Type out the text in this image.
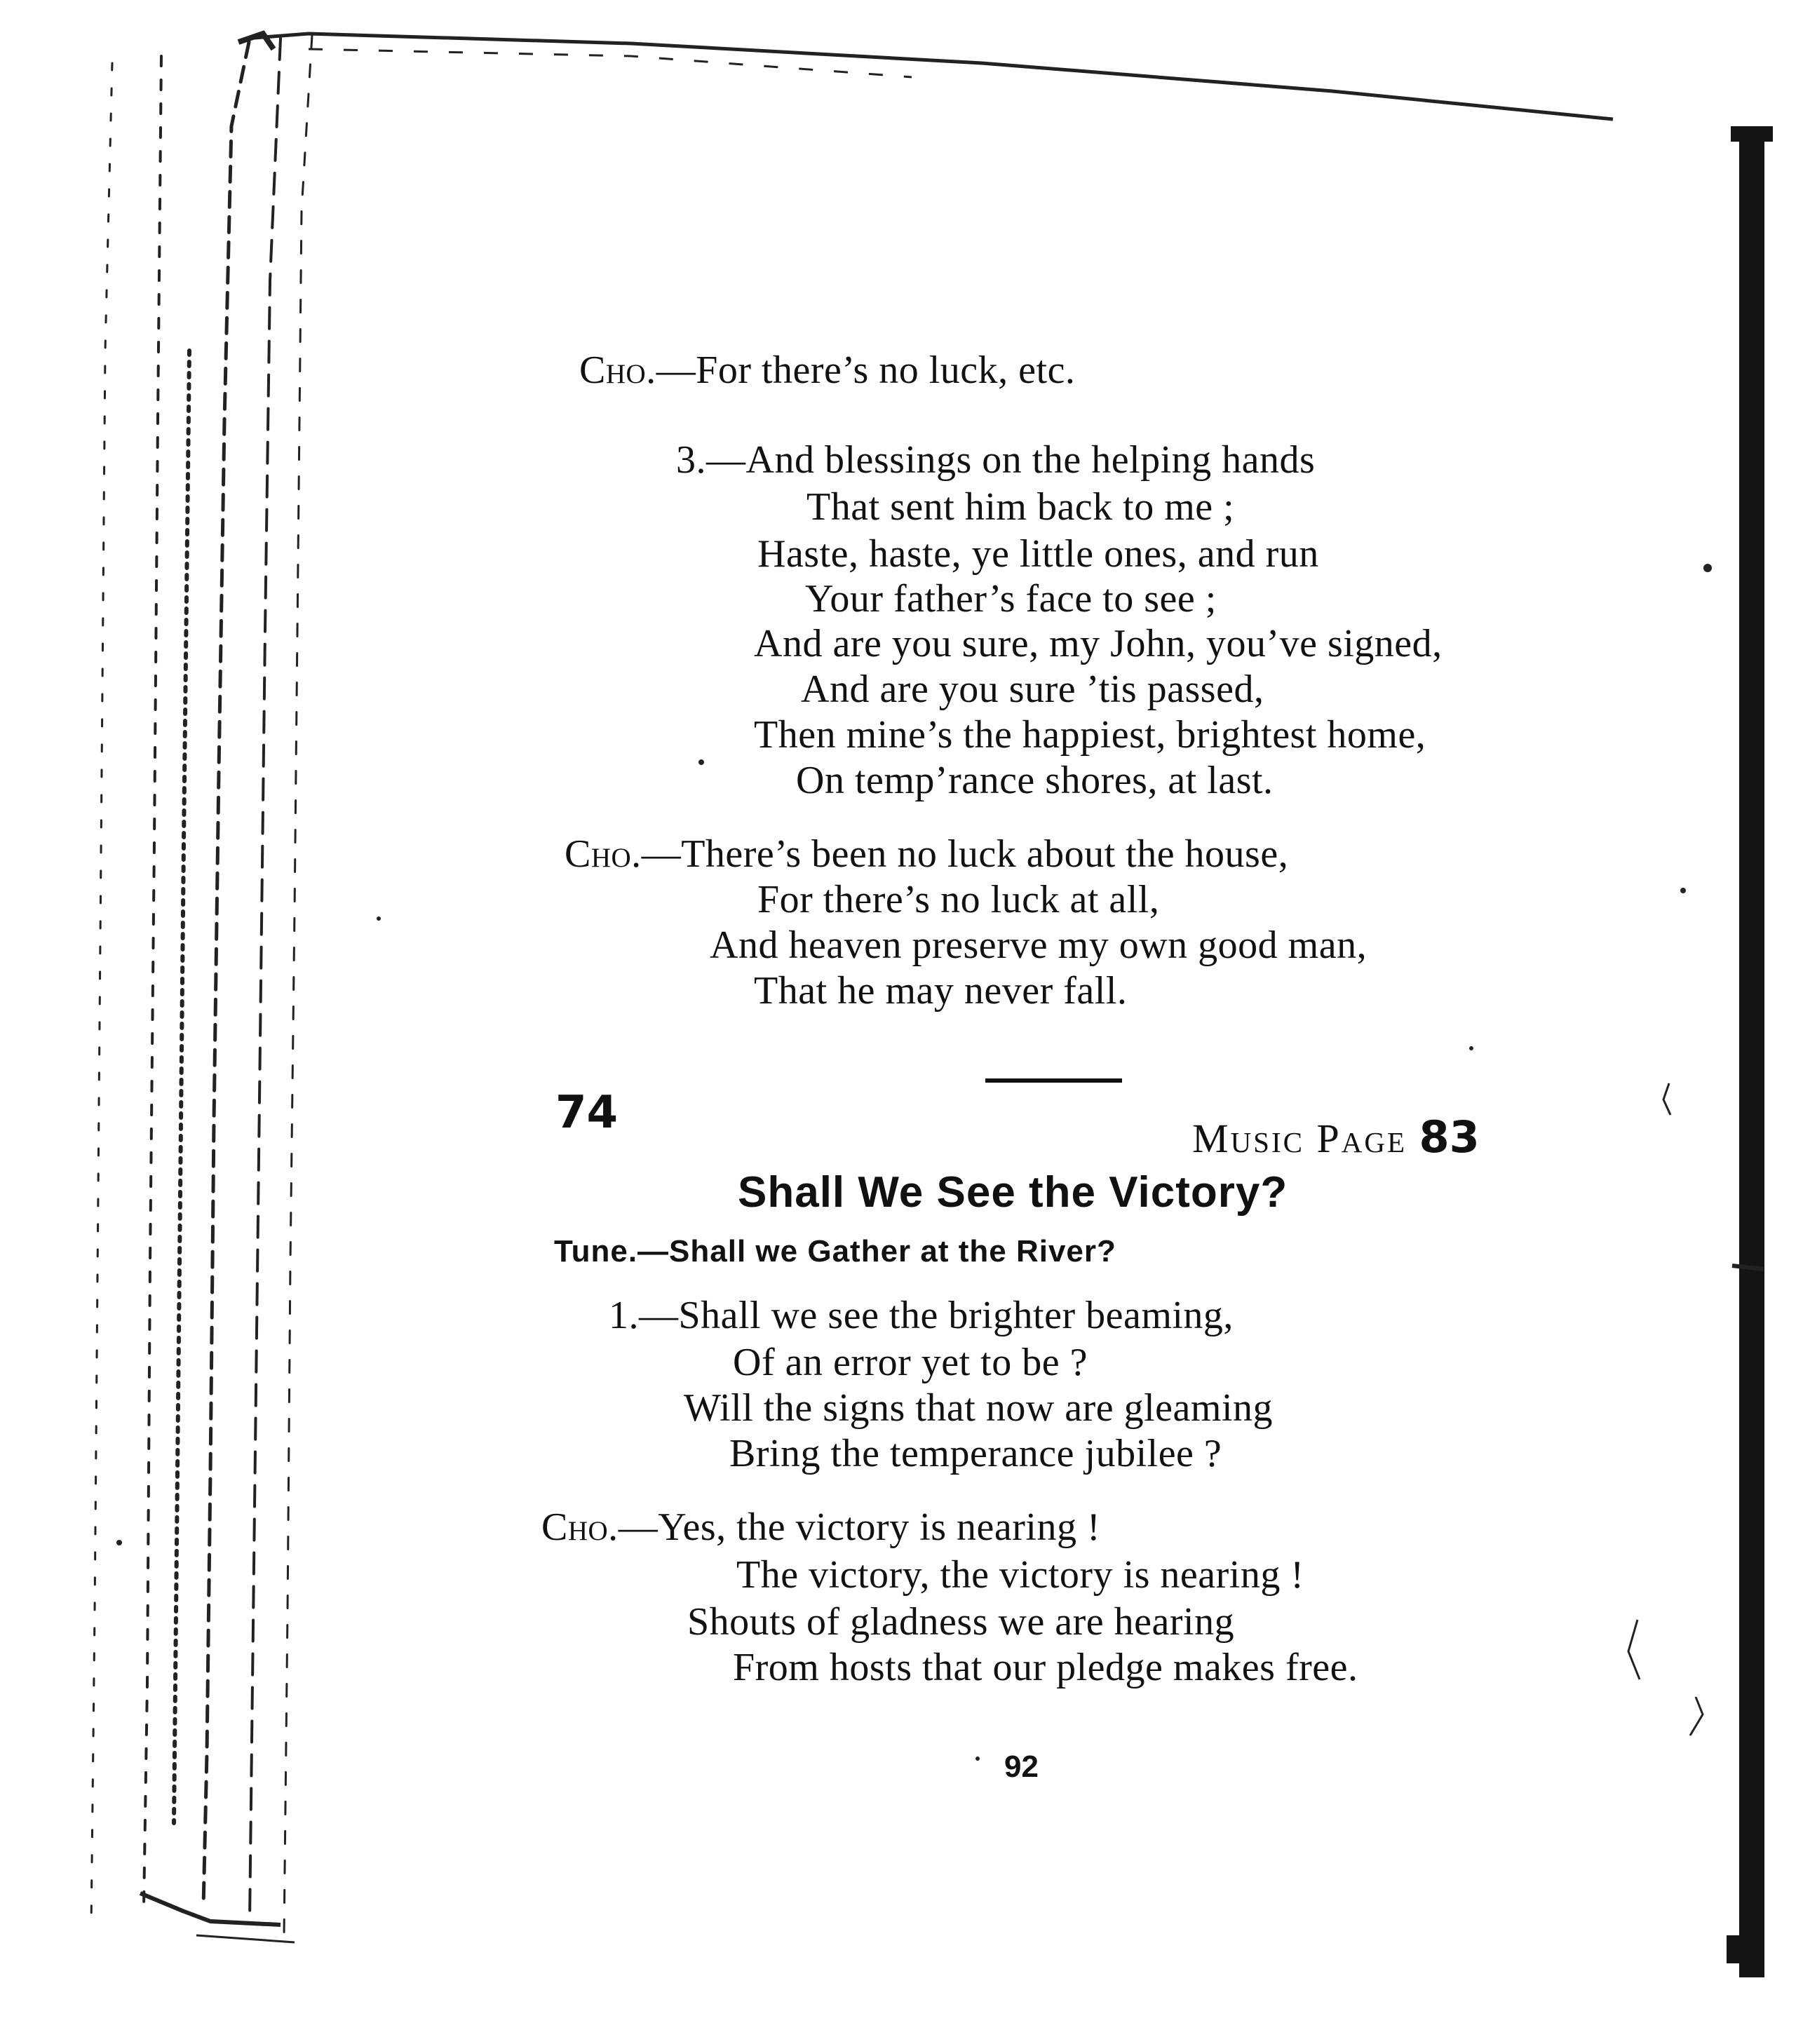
Cho.—For there’s no luck, etc.
3.—And blessings on the helping hands
That sent him back to me ;
Haste, haste, ye little ones, and run
Your father’s face to see ;
And are you sure, my John, you’ve signed,
And are you sure ’tis passed,
Then mine’s the happiest, brightest home,
On temp’rance shores, at last.
Cho.—There’s been no luck about the house,
For there’s no luck at all,
And heaven preserve my own good man,
That he may never fall.
74	Music Page 83
Shall We See the Victory?
Tune.—Shall we Gather at the River?
1.—Shall we see the brighter beaming,
Of an error yet to be ?
Will the signs that now are gleaming
Bring the temperance jubilee ?
Cho.—Yes, the victory is nearing !
The victory, the victory is nearing !
Shouts of gladness we are hearing
From hosts that our pledge makes free.
92
